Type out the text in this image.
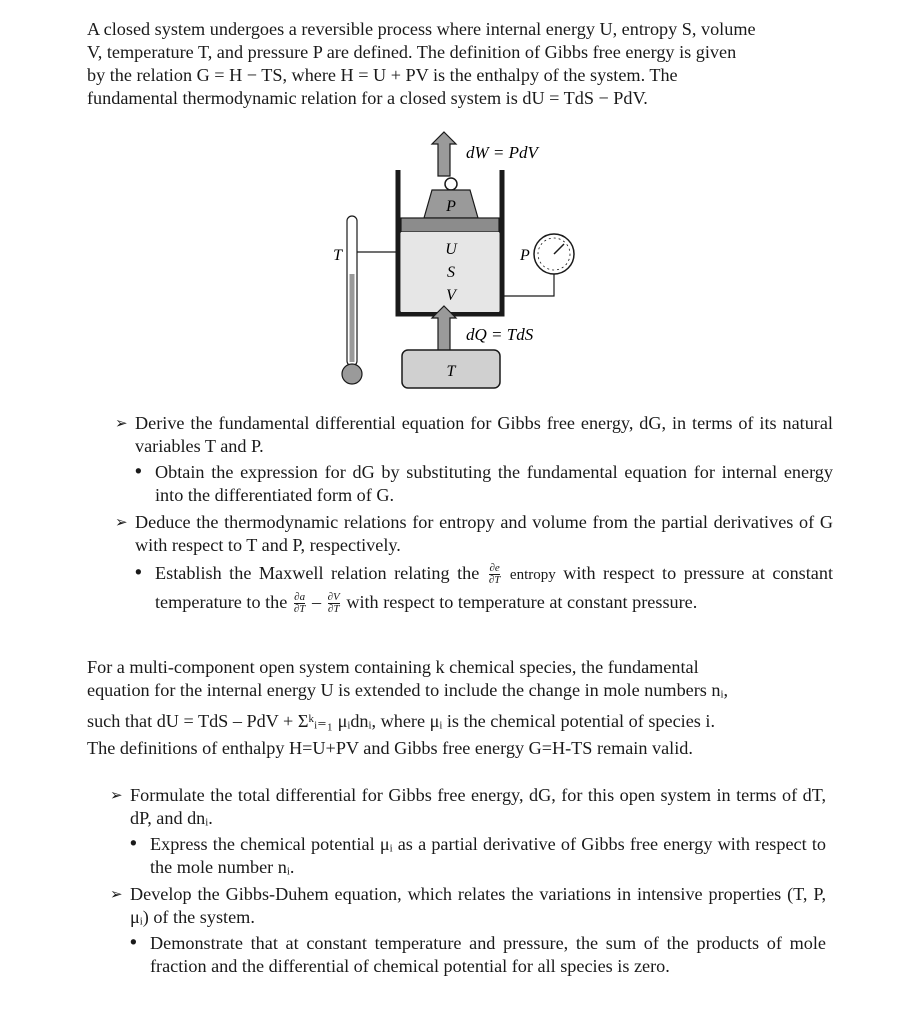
A closed system undergoes a reversible process where internal energy U, entropy S, volume
V, temperature T, and pressure P are defined. The definition of Gibbs free energy is given
by the relation G = H − TS, where H = U + PV is the enthalpy of the system. The
fundamental thermodynamic relation for a closed system is dU = TdS − PdV.
dW = PdV
P
U
S
V
T	P
dQ = TdS
T
➢ Derive the fundamental differential equation for Gibbs free energy, dG, in terms of its natural variables T and P.
• Obtain the expression for dG by substituting the fundamental equation for internal energy into the differentiated form of G.
➢ Deduce the thermodynamic relations for entropy and volume from the partial derivatives of G with respect to T and P, respectively.
• Establish the Maxwell relation relating the $\frac{\partial e}{\partial T}$ entropy with respect to pressure at constant temperature to the $\frac{\partial a}{\partial T} - \frac{\partial V}{\partial T}$ with respect to temperature at constant pressure.
For a multi-component open system containing k chemical species, the fundamental
equation for the internal energy U is extended to include the change in mole numbers nᵢ,
such that dU = TdS – PdV + Σᵏᵢ₌₁ μᵢdnᵢ, where μᵢ is the chemical potential of species i.
The definitions of enthalpy H=U+PV and Gibbs free energy G=H-TS remain valid.
➢ Formulate the total differential for Gibbs free energy, dG, for this open system in terms of dT, dP, and dnᵢ.
• Express the chemical potential μᵢ as a partial derivative of Gibbs free energy with respect to the mole number nᵢ.
➢ Develop the Gibbs-Duhem equation, which relates the variations in intensive properties (T, P, μᵢ) of the system.
• Demonstrate that at constant temperature and pressure, the sum of the products of mole fraction and the differential of chemical potential for all species is zero.
